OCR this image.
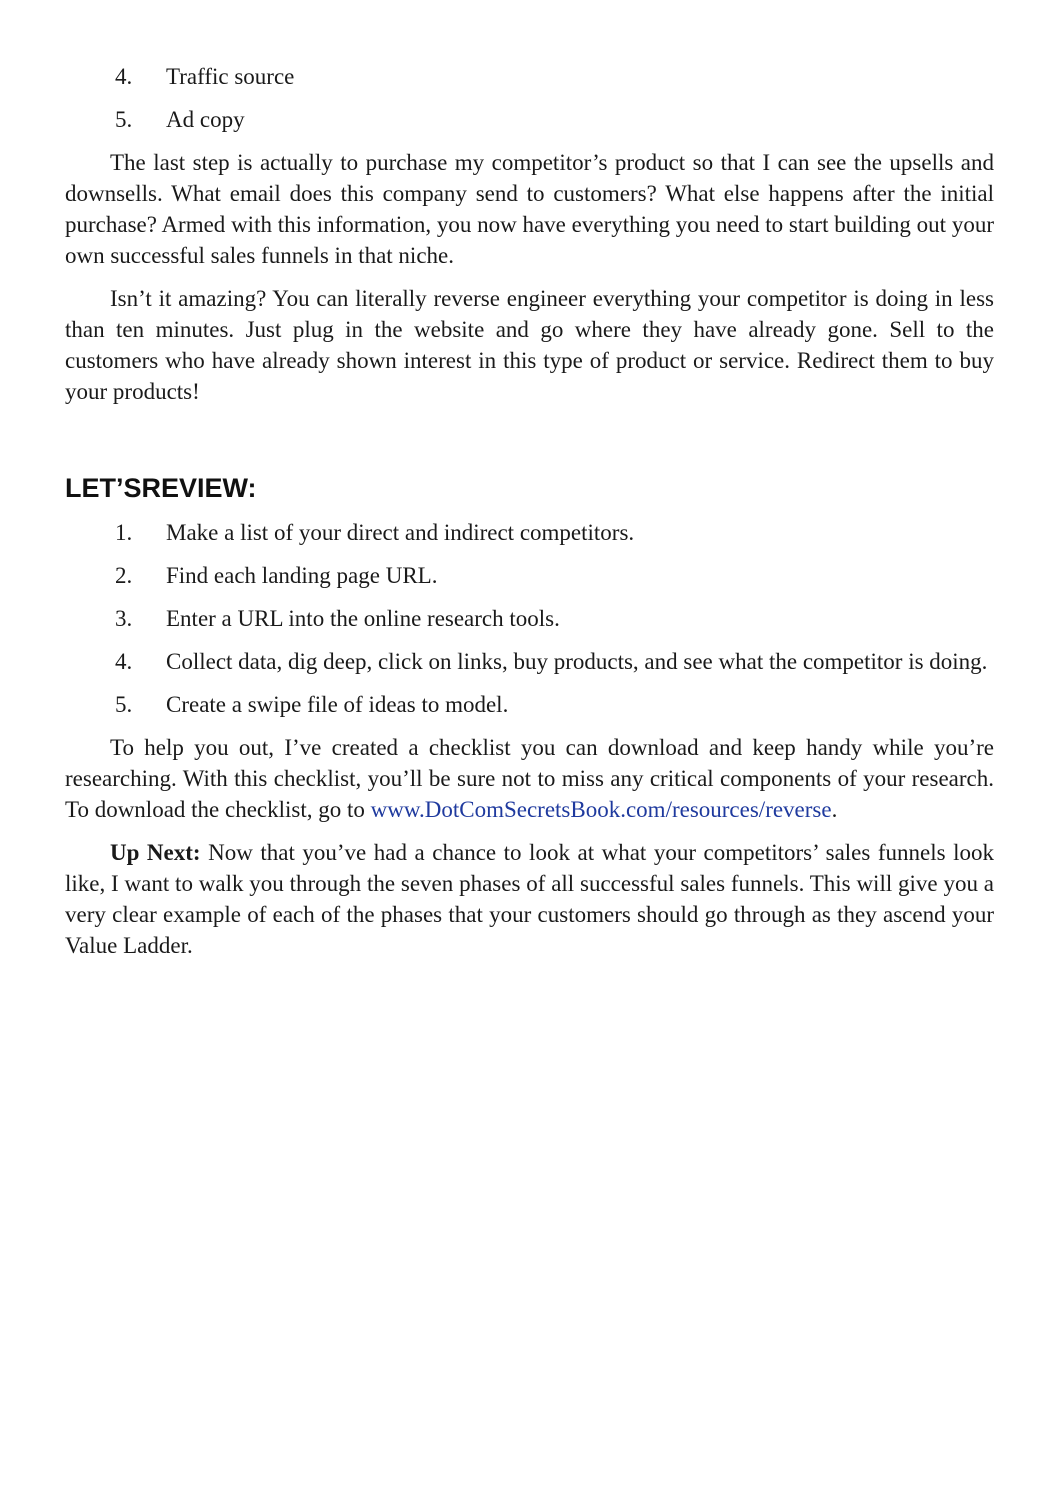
4.	Traffic source
5.	Ad copy

The last step is actually to purchase my competitor’s product so that I can see the upsells and downsells. What email does this company send to customers? What else happens after the initial purchase? Armed with this information, you now have everything you need to start building out your own successful sales funnels in that niche.

Isn’t it amazing? You can literally reverse engineer everything your competitor is doing in less than ten minutes. Just plug in the website and go where they have already gone. Sell to the customers who have already shown interest in this type of product or service. Redirect them to buy your products!

LET’SREVIEW:
1.	Make a list of your direct and indirect competitors.
2.	Find each landing page URL.
3.	Enter a URL into the online research tools.
4.	Collect data, dig deep, click on links, buy products, and see what the competitor is doing.
5.	Create a swipe file of ideas to model.

To help you out, I’ve created a checklist you can download and keep handy while you’re researching. With this checklist, you’ll be sure not to miss any critical components of your research. To download the checklist, go to www.DotComSecretsBook.com/resources/reverse.

Up Next: Now that you’ve had a chance to look at what your competitors’ sales funnels look like, I want to walk you through the seven phases of all successful sales funnels. This will give you a very clear example of each of the phases that your customers should go through as they ascend your Value Ladder.
